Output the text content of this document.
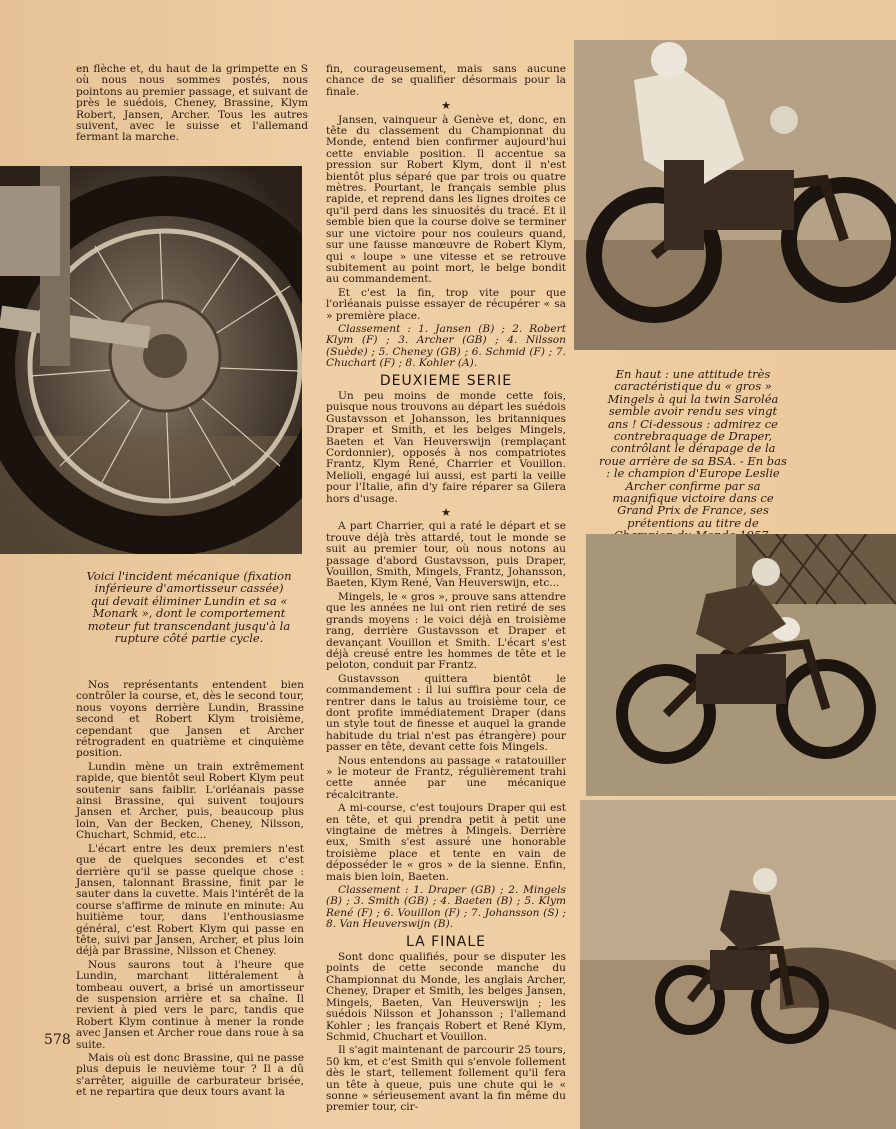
en flèche et, du haut de la grimpette en S où nous nous sommes postés, nous pointons au premier passage, et suivant de près le suédois, Cheney, Brassine, Klym Robert, Jansen, Archer. Tous les autres suivent, avec le suisse et l'allemand fermant la marche.

Voici l'incident mécanique (fixation inférieure d'amortisseur cassée) qui devait éliminer Lundin et sa « Monark », dont le comportement moteur fut transcendant jusqu'à la rupture côté partie cycle.

Nos représentants entendent bien contrôler la course, et, dès le second tour, nous voyons derrière Lundin, Brassine second et Robert Klym troisième, cependant que Jansen et Archer rétrogradent en quatrième et cinquième position.

Lundin mène un train extrêmement rapide, que bientôt seul Robert Klym peut soutenir sans faiblir. L'orléanais passe ainsi Brassine, qui suivent toujours Jansen et Archer, puis, beaucoup plus loin, Van der Becken, Cheney, Nilsson, Chuchart, Schmid, etc...

L'écart entre les deux premiers n'est que de quelques secondes et c'est derrière qu'il se passe quelque chose : Jansen, talonnant Brassine, finit par le sauter dans la cuvette. Mais l'intérêt de la course s'affirme de minute en minute: Au huitième tour, dans l'enthousiasme général, c'est Robert Klym qui passe en tête, suivi par Jansen, Archer, et plus loin déjà par Brassine, Nilsson et Cheney.

Nous saurons tout à l'heure que Lundin, marchant littéralement à tombeau ouvert, a brisé un amortisseur de suspension arrière et sa chaîne. Il revient à pied vers le parc, tandis que Robert Klym continue à mener la ronde avec Jansen et Archer roue dans roue à sa suite.

Mais où est donc Brassine, qui ne passe plus depuis le neuvième tour ? Il a dû s'arrêter, aiguille de carburateur brisée, et ne repartira que deux tours avant la

fin, courageusement, mais sans aucune chance de se qualifier désormais pour la finale.

★

Jansen, vainqueur à Genève et, donc, en tête du classement du Championnat du Monde, entend bien confirmer aujourd'hui cette enviable position. Il accentue sa pression sur Robert Klym, dont il n'est bientôt plus séparé que par trois ou quatre mètres. Pourtant, le français semble plus rapide, et reprend dans les lignes droites ce qu'il perd dans les sinuosités du tracé. Et il semble bien que la course doive se terminer sur une victoire pour nos couleurs quand, sur une fausse manœuvre de Robert Klym, qui « loupe » une vitesse et se retrouve subitement au point mort, le belge bondit au commandement.

Et c'est la fin, trop vite pour que l'orléanais puisse essayer de récupérer « sa » première place.

Classement : 1. Jansen (B) ; 2. Robert Klym (F) ; 3. Archer (GB) ; 4. Nilsson (Suède) ; 5. Cheney (GB) ; 6. Schmid (F) ; 7. Chuchart (F) ; 8. Kohler (A).

DEUXIEME SERIE

Un peu moins de monde cette fois, puisque nous trouvons au départ les suédois Gustavsson et Johansson, les britanniques Draper et Smith, et les belges Mingels, Baeten et Van Heuverswijn (remplaçant Cordonnier), opposés à nos compatriotes Frantz, Klym René, Charrier et Vouillon. Melioli, engagé lui aussi, est parti la veille pour l'Italie, afin d'y faire réparer sa Gilera hors d'usage.

★

A part Charrier, qui a raté le départ et se trouve déjà très attardé, tout le monde se suit au premier tour, où nous notons au passage d'abord Gustavsson, puis Draper, Vouillon, Smith, Mingels, Frantz, Johansson, Baeten, Klym René, Van Heuverswijn, etc...

Mingels, le « gros », prouve sans attendre que les années ne lui ont rien retiré de ses grands moyens : le voici déjà en troisième rang, derrière Gustavsson et Draper et devançant Vouillon et Smith. L'écart s'est déjà creusé entre les hommes de tête et le peloton, conduit par Frantz.

Gustavsson quittera bientôt le commandement : il lui suffira pour cela de rentrer dans le talus au troisième tour, ce dont profite immédiatement Draper (dans un style tout de finesse et auquel la grande habitude du trial n'est pas étrangère) pour passer en tête, devant cette fois Mingels.

Nous entendons au passage « ratatouiller » le moteur de Frantz, régulièrement trahi cette année par une mécanique récalcitrante.

A mi-course, c'est toujours Draper qui est en tête, et qui prendra petit à petit une vingtaine de mètres à Mingels. Derrière eux, Smith s'est assuré une honorable troisième place et tente en vain de déposséder le « gros » de la sienne. Enfin, mais bien loin, Baeten.

Classement : 1. Draper (GB) ; 2. Mingels (B) ; 3. Smith (GB) ; 4. Baeten (B) ; 5. Klym René (F) ; 6. Vouillon (F) ; 7. Johansson (S) ; 8. Van Heuverswijn (B).

LA FINALE

Sont donc qualifiés, pour se disputer les points de cette seconde manche du Championnat du Monde, les anglais Archer, Cheney, Draper et Smith, les belges Jansen, Mingels, Baeten, Van Heuverswijn ; les suédois Nilsson et Johansson ; l'allemand Kohler ; les français Robert et René Klym, Schmid, Chuchart et Vouillon.

Il s'agit maintenant de parcourir 25 tours, 50 km, et c'est Smith qui s'envole follement dès le start, tellement follement qu'il fera un tête à queue, puis une chute qui le « sonne » sérieusement avant la fin même du premier tour, cir-

En haut : une attitude très caractéristique du « gros » Mingels à qui la twin Saroléa semble avoir rendu ses vingt ans ! Ci-dessous : admirez ce contrebraquage de Draper, contrôlant le dérapage de la roue arrière de sa BSA. - En bas : le champion d'Europe Leslie Archer confirme par sa magnifique victoire dans ce Grand Prix de France, ses prétentions au titre de
578
